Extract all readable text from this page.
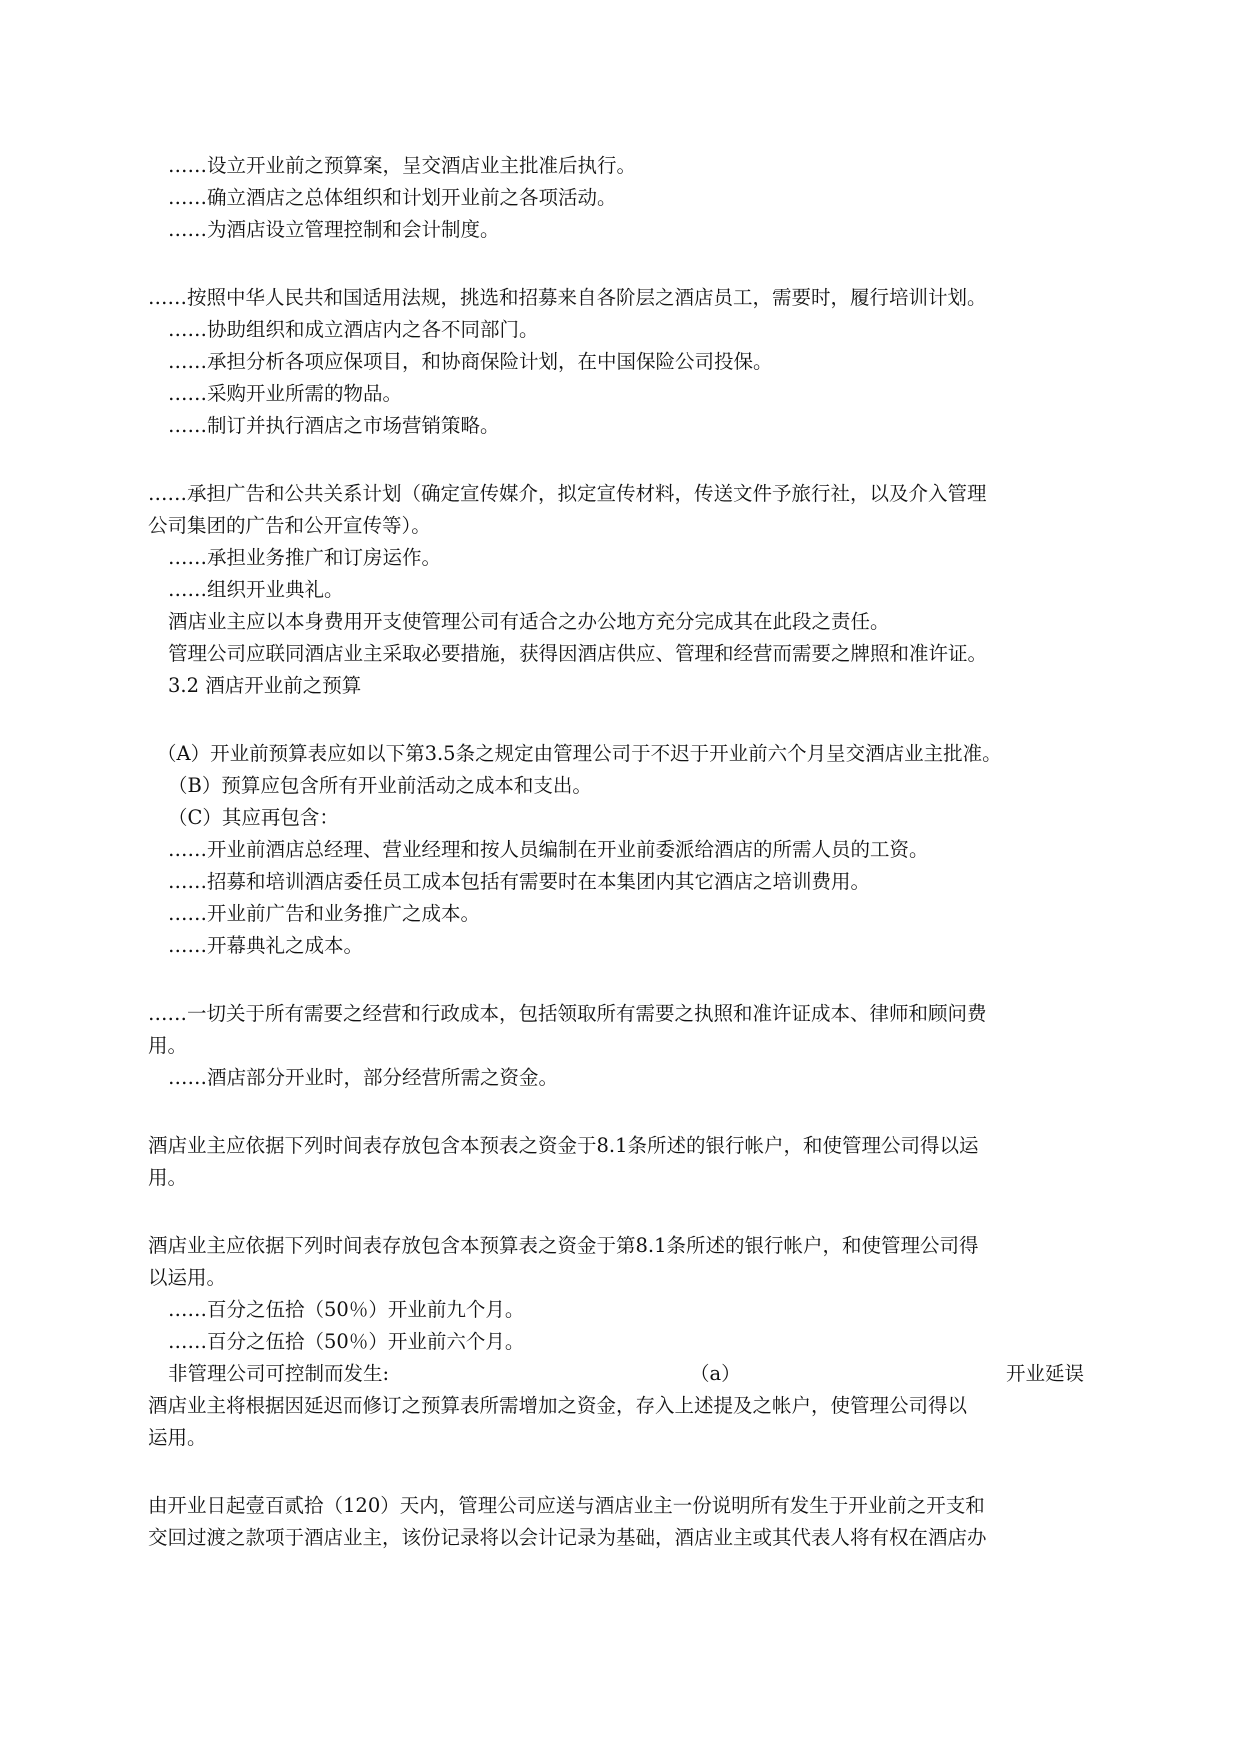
……设立开业前之预算案，呈交酒店业主批准后执行。
……确立酒店之总体组织和计划开业前之各项活动。
……为酒店设立管理控制和会计制度。
……按照中华人民共和国适用法规，挑选和招募来自各阶层之酒店员工，需要时，履行培训计划。
……协助组织和成立酒店内之各不同部门。
……承担分析各项应保项目，和协商保险计划，在中国保险公司投保。
……采购开业所需的物品。
……制订并执行酒店之市场营销策略。
……承担广告和公共关系计划（确定宣传媒介，拟定宣传材料，传送文件予旅行社，以及介入管理
公司集团的广告和公开宣传等）。
……承担业务推广和订房运作。
……组织开业典礼。
酒店业主应以本身费用开支使管理公司有适合之办公地方充分完成其在此段之责任。
管理公司应联同酒店业主采取必要措施，获得因酒店供应、管理和经营而需要之牌照和准许证。
3.2 酒店开业前之预算
（A）开业前预算表应如以下第3.5条之规定由管理公司于不迟于开业前六个月呈交酒店业主批准。
（B）预算应包含所有开业前活动之成本和支出。
（C）其应再包含：
……开业前酒店总经理、营业经理和按人员编制在开业前委派给酒店的所需人员的工资。
……招募和培训酒店委任员工成本包括有需要时在本集团内其它酒店之培训费用。
……开业前广告和业务推广之成本。
……开幕典礼之成本。
……一切关于所有需要之经营和行政成本，包括领取所有需要之执照和准许证成本、律师和顾问费
用。
……酒店部分开业时，部分经营所需之资金。
酒店业主应依据下列时间表存放包含本预表之资金于8.1条所述的银行帐户，和使管理公司得以运
用。
酒店业主应依据下列时间表存放包含本预算表之资金于第8.1条所述的银行帐户，和使管理公司得
以运用。
……百分之伍拾（50％）开业前九个月。
……百分之伍拾（50％）开业前六个月。
非管理公司可控制而发生:	（a）	开业延误
酒店业主将根据因延迟而修订之预算表所需增加之资金，存入上述提及之帐户，使管理公司得以
运用。
由开业日起壹百贰拾（120）天内，管理公司应送与酒店业主一份说明所有发生于开业前之开支和
交回过渡之款项于酒店业主，该份记录将以会计记录为基础，酒店业主或其代表人将有权在酒店办
